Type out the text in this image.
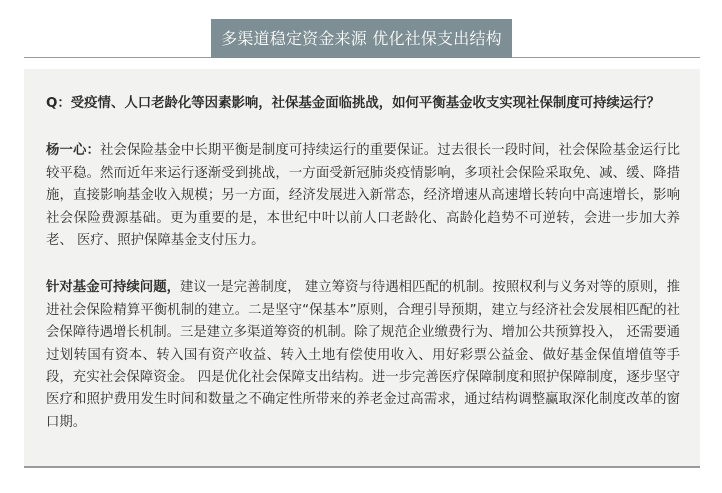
多渠道稳定资金来源 优化社保支出结构

Q：受疫情、人口老龄化等因素影响，社保基金面临挑战，如何平衡基金收支实现社保制度可持续运行？

杨一心：社会保险基金中长期平衡是制度可持续运行的重要保证。过去很长一段时间，社会保险基金运行比较平稳。然而近年来运行逐渐受到挑战，一方面受新冠肺炎疫情影响，多项社会保险采取免、减、缓、降措施，直接影响基金收入规模；另一方面，经济发展进入新常态，经济增速从高速增长转向中高速增长，影响社会保险费源基础。更为重要的是，本世纪中叶以前人口老龄化、高龄化趋势不可逆转，会进一步加大养老、 医疗、照护保障基金支付压力。

针对基金可持续问题，建议一是完善制度， 建立筹资与待遇相匹配的机制。按照权利与义务对等的原则，推进社会保险精算平衡机制的建立。二是坚守“保基本”原则，合理引导预期，建立与经济社会发展相匹配的社会保障待遇增长机制。三是建立多渠道筹资的机制。除了规范企业缴费行为、增加公共预算投入， 还需要通过划转国有资本、转入国有资产收益、转入土地有偿使用收入、用好彩票公益金、做好基金保值增值等手段，充实社会保障资金。 四是优化社会保障支出结构。进一步完善医疗保障制度和照护保障制度，逐步坚守医疗和照护费用发生时间和数量之不确定性所带来的养老金过高需求，通过结构调整赢取深化制度改革的窗口期。
